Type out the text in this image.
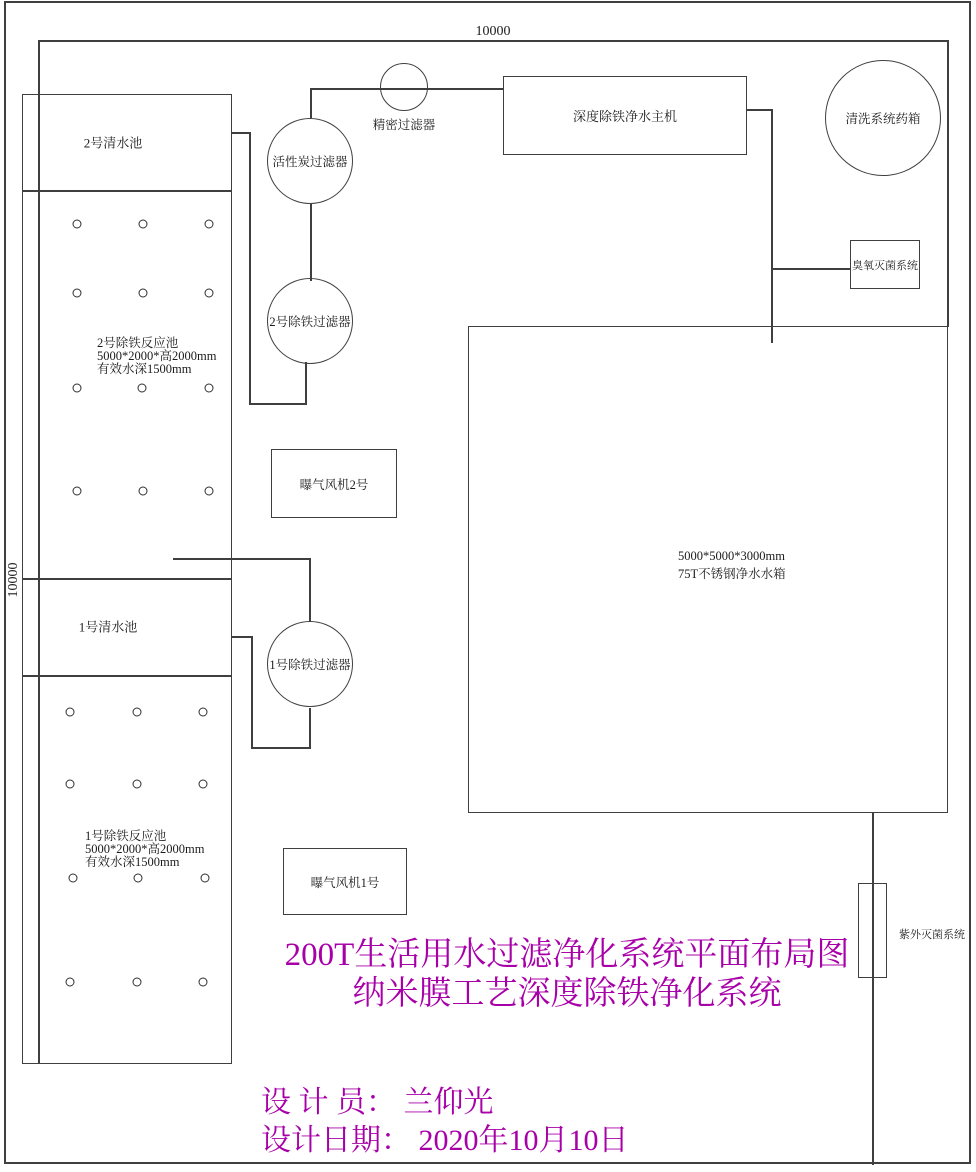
10000
10000
2号清水池
1号清水池
2号除铁反应池
5000*2000*高2000mm
有效水深1500mm
1号除铁反应池
5000*2000*高2000mm
有效水深1500mm
精密过滤器
活性炭过滤器
2号除铁过滤器
1号除铁过滤器
清洗系统药箱
深度除铁净水主机
臭氧灭菌系统
曝气风机2号
曝气风机1号
5000*5000*3000mm
75T不锈钢净水水箱
紫外灭菌系统
200T生活用水过滤净化系统平面布局图
纳米膜工艺深度除铁净化系统
设 计 员： 兰仰光
设计日期： 2020年10月10日
